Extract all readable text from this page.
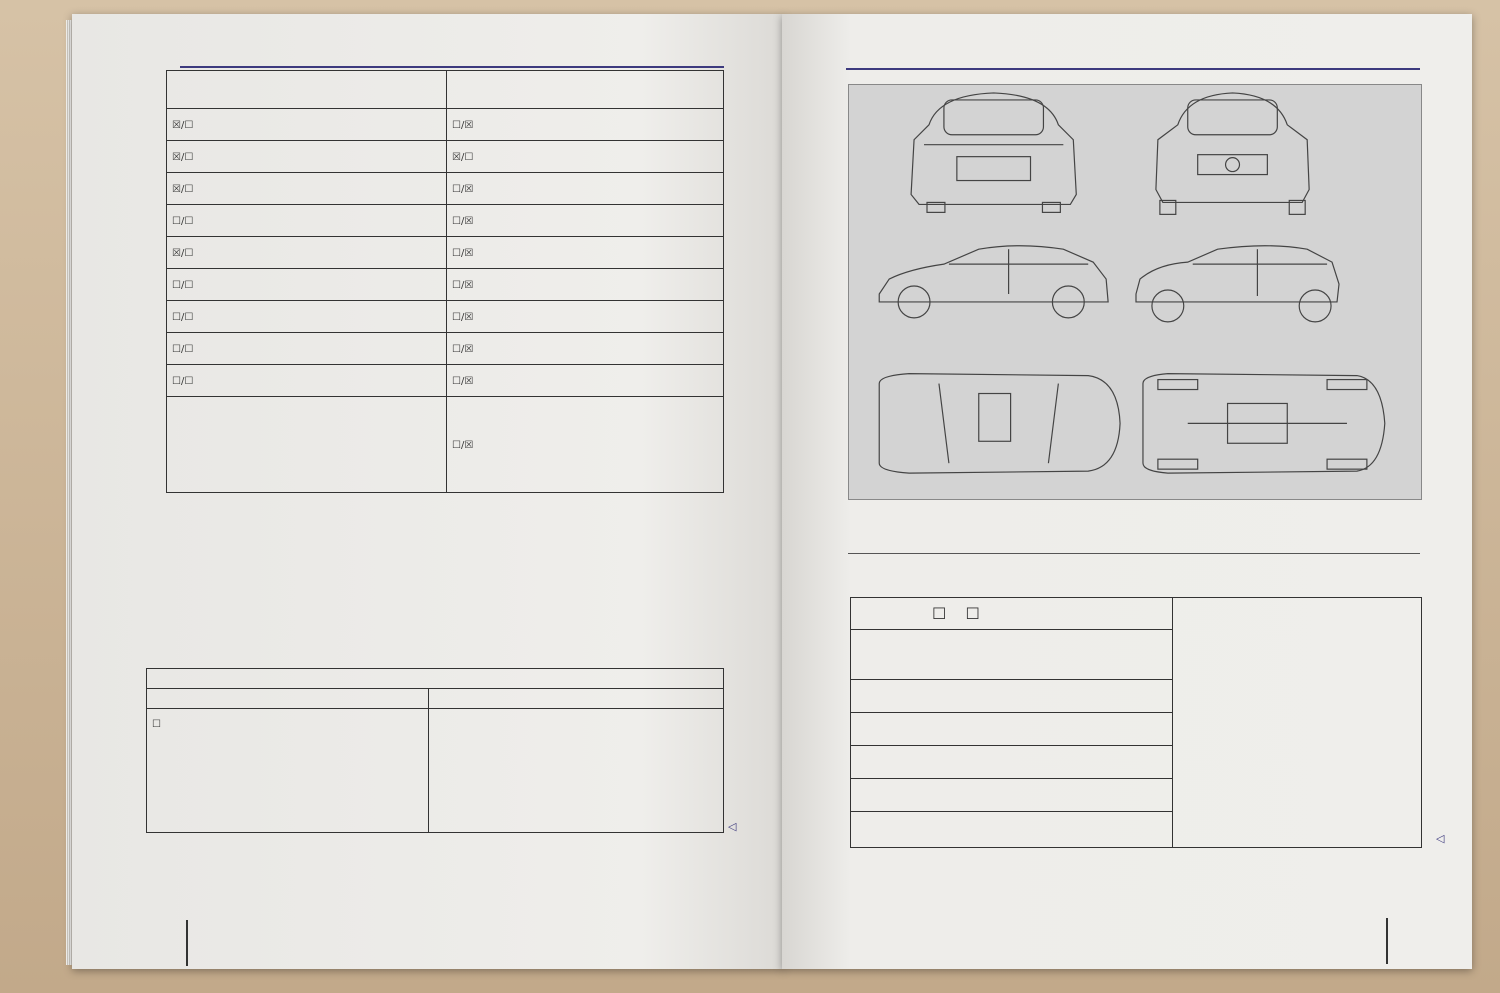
☒/☐	☐/☒
☒/☐	☒/☐
☒/☐	☐/☒
☐/☐	☐/☒
☒/☐	☐/☒
☐/☐	☐/☒
☐/☐	☐/☒
☐/☐	☐/☒
☐/☐	☐/☒

	☐/☒

☐	

◁
☐ ☐	

◁
